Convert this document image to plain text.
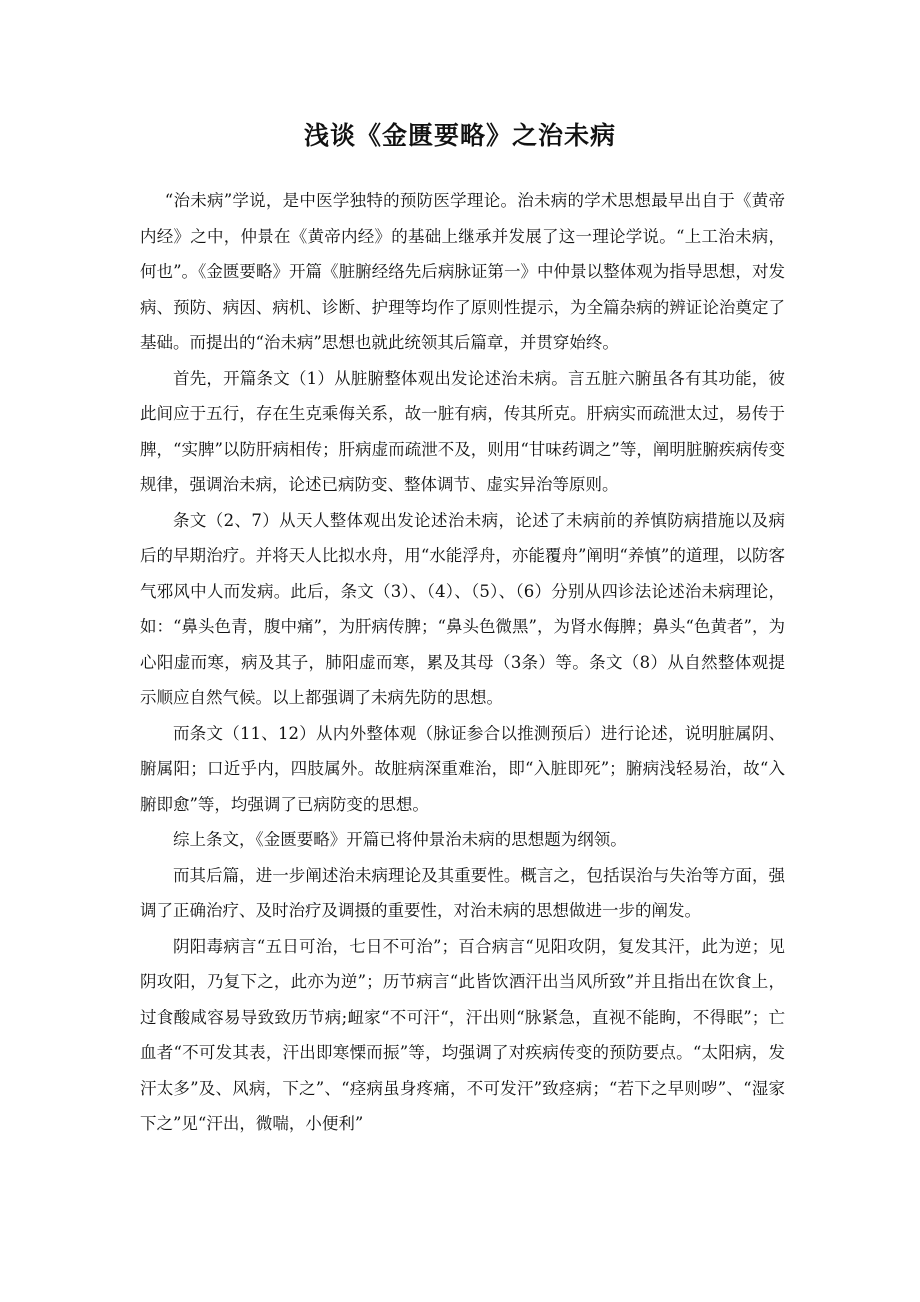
浅谈《金匮要略》之治未病

“治未病”学说，是中医学独特的预防医学理论。治未病的学术思想最早出自于《黄帝内经》之中，仲景在《黄帝内经》的基础上继承并发展了这一理论学说。“上工治未病，何也”。《金匮要略》开篇《脏腑经络先后病脉证第一》中仲景以整体观为指导思想，对发病、预防、病因、病机、诊断、护理等均作了原则性提示，为全篇杂病的辨证论治奠定了基础。而提出的“治未病”思想也就此统领其后篇章，并贯穿始终。

首先，开篇条文（1）从脏腑整体观出发论述治未病。言五脏六腑虽各有其功能，彼此间应于五行，存在生克乘侮关系，故一脏有病，传其所克。肝病实而疏泄太过，易传于脾，“实脾”以防肝病相传；肝病虚而疏泄不及，则用“甘味药调之”等，阐明脏腑疾病传变规律，强调治未病，论述已病防变、整体调节、虚实异治等原则。

条文（2、7）从天人整体观出发论述治未病，论述了未病前的养慎防病措施以及病后的早期治疗。并将天人比拟水舟，用“水能浮舟，亦能覆舟”阐明“养慎”的道理，以防客气邪风中人而发病。此后，条文（3）、（4）、（5）、（6）分别从四诊法论述治未病理论，如：“鼻头色青，腹中痛”，为肝病传脾；“鼻头色微黑”，为肾水侮脾；鼻头“色黄者”，为心阳虚而寒，病及其子，肺阳虚而寒，累及其母（3条）等。条文（8）从自然整体观提示顺应自然气候。以上都强调了未病先防的思想。

而条文（11、12）从内外整体观（脉证参合以推测预后）进行论述，说明脏属阴、腑属阳；口近乎内，四肢属外。故脏病深重难治，即“入脏即死”；腑病浅轻易治，故“入腑即愈”等，均强调了已病防变的思想。

综上条文，《金匮要略》开篇已将仲景治未病的思想题为纲领。

而其后篇，进一步阐述治未病理论及其重要性。概言之，包括误治与失治等方面，强调了正确治疗、及时治疗及调摄的重要性，对治未病的思想做进一步的阐发。

阴阳毒病言“五日可治，七日不可治”；百合病言“见阳攻阴，复发其汗，此为逆；见阴攻阳，乃复下之，此亦为逆”；历节病言“此皆饮酒汗出当风所致”并且指出在饮食上，过食酸咸容易导致致历节病;衄家“不可汗“，汗出则“脉紧急，直视不能眴，不得眠”；亡血者“不可发其表，汗出即寒慄而振”等，均强调了对疾病传变的预防要点。“太阳病，发汗太多”及、风病，下之”、“痉病虽身疼痛，不可发汗”致痉病；“若下之早则哕”、“湿家下之”见“汗出，微喘，小便利”
